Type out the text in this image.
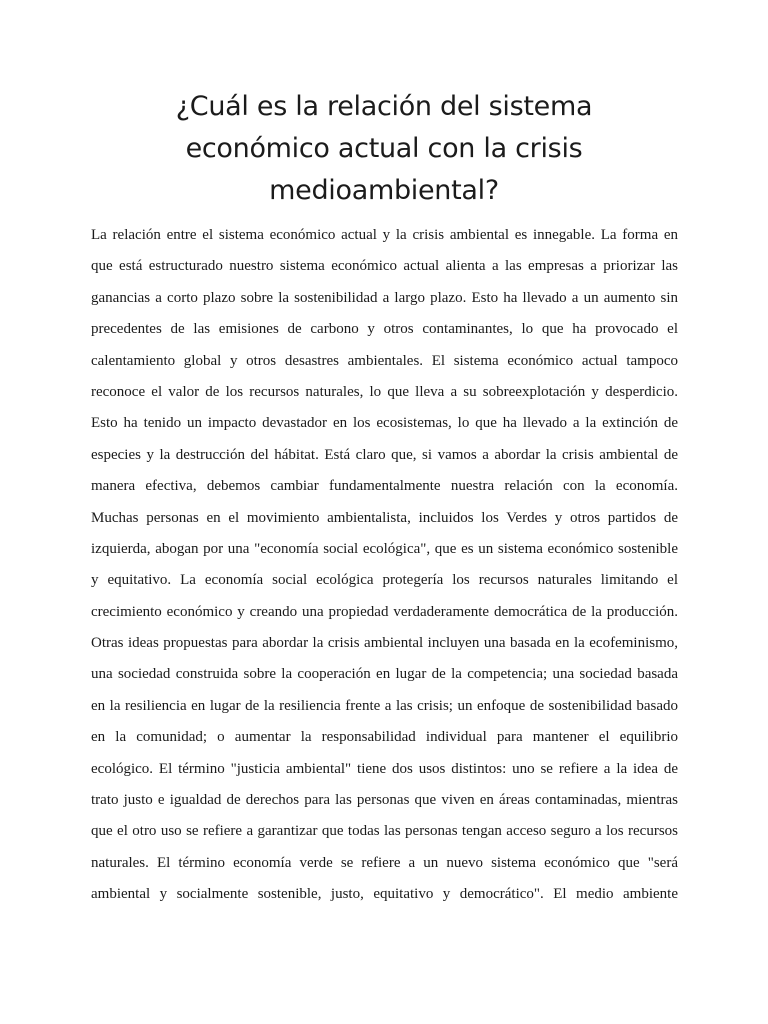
¿Cuál es la relación del sistema
económico actual con la crisis
medioambiental?
La relación entre el sistema económico actual y la crisis ambiental es innegable. La forma en
que está estructurado nuestro sistema económico actual alienta a las empresas a priorizar las
ganancias a corto plazo sobre la sostenibilidad a largo plazo. Esto ha llevado a un aumento sin
precedentes de las emisiones de carbono y otros contaminantes, lo que ha provocado el
calentamiento global y otros desastres ambientales. El sistema económico actual tampoco
reconoce el valor de los recursos naturales, lo que lleva a su sobreexplotación y desperdicio.
Esto ha tenido un impacto devastador en los ecosistemas, lo que ha llevado a la extinción de
especies y la destrucción del hábitat. Está claro que, si vamos a abordar la crisis ambiental de
manera efectiva, debemos cambiar fundamentalmente nuestra relación con la economía.
Muchas personas en el movimiento ambientalista, incluidos los Verdes y otros partidos de
izquierda, abogan por una "economía social ecológica", que es un sistema económico sostenible
y equitativo. La economía social ecológica protegería los recursos naturales limitando el
crecimiento económico y creando una propiedad verdaderamente democrática de la producción.
Otras ideas propuestas para abordar la crisis ambiental incluyen una basada en la ecofeminismo,
una sociedad construida sobre la cooperación en lugar de la competencia; una sociedad basada
en la resiliencia en lugar de la resiliencia frente a las crisis; un enfoque de sostenibilidad basado
en la comunidad; o aumentar la responsabilidad individual para mantener el equilibrio
ecológico. El término "justicia ambiental" tiene dos usos distintos: uno se refiere a la idea de
trato justo e igualdad de derechos para las personas que viven en áreas contaminadas, mientras
que el otro uso se refiere a garantizar que todas las personas tengan acceso seguro a los recursos
naturales. El término economía verde se refiere a un nuevo sistema económico que "será
ambiental y socialmente sostenible, justo, equitativo y democrático". El medio ambiente
